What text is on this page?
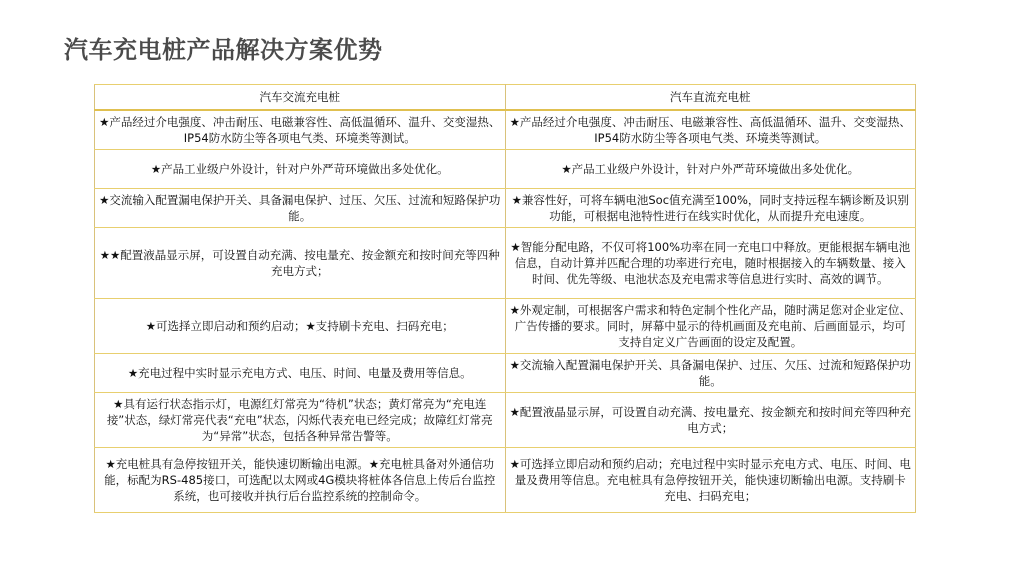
汽车充电桩产品解决方案优势
汽车交流充电桩	汽车直流充电桩
★产品经过介电强度、冲击耐压、电磁兼容性、高低温循环、温升、交变湿热、IP54防水防尘等各项电气类、环境类等测试。	★产品经过介电强度、冲击耐压、电磁兼容性、高低温循环、温升、交变湿热、IP54防水防尘等各项电气类、环境类等测试。
★产品工业级户外设计，针对户外严苛环境做出多处优化。	★产品工业级户外设计，针对户外严苛环境做出多处优化。
★交流输入配置漏电保护开关、具备漏电保护、过压、欠压、过流和短路保护功能。	★兼容性好，可将车辆电池Soc值充满至100%，同时支持远程车辆诊断及识别功能，可根据电池特性进行在线实时优化，从而提升充电速度。
★★配置液晶显示屏，可设置自动充满、按电量充、按金额充和按时间充等四种充电方式；	★智能分配电路，不仅可将100%功率在同一充电口中释放。更能根据车辆电池信息，自动计算并匹配合理的功率进行充电，随时根据接入的车辆数量、接入时间、优先等级、电池状态及充电需求等信息进行实时、高效的调节。
★可选择立即启动和预约启动；★支持刷卡充电、扫码充电；	★外观定制，可根据客户需求和特色定制个性化产品，随时满足您对企业定位、广告传播的要求。同时，屏幕中显示的待机画面及充电前、后画面显示，均可支持自定义广告画面的设定及配置。
★充电过程中实时显示充电方式、电压、时间、电量及费用等信息。	★交流输入配置漏电保护开关、具备漏电保护、过压、欠压、过流和短路保护功能。
★具有运行状态指示灯，电源红灯常亮为“待机”状态；黄灯常亮为“充电连接”状态，绿灯常亮代表“充电”状态，闪烁代表充电已经完成；故障红灯常亮为“异常”状态，包括各种异常告警等。	★配置液晶显示屏，可设置自动充满、按电量充、按金额充和按时间充等四种充电方式；
★充电桩具有急停按钮开关，能快速切断输出电源。★充电桩具备对外通信功能，标配为RS-485接口，可选配以太网或4G模块将桩体各信息上传后台监控系统，也可接收并执行后台监控系统的控制命令。	★可选择立即启动和预约启动；充电过程中实时显示充电方式、电压、时间、电量及费用等信息。充电桩具有急停按钮开关，能快速切断输出电源。支持刷卡充电、扫码充电；
